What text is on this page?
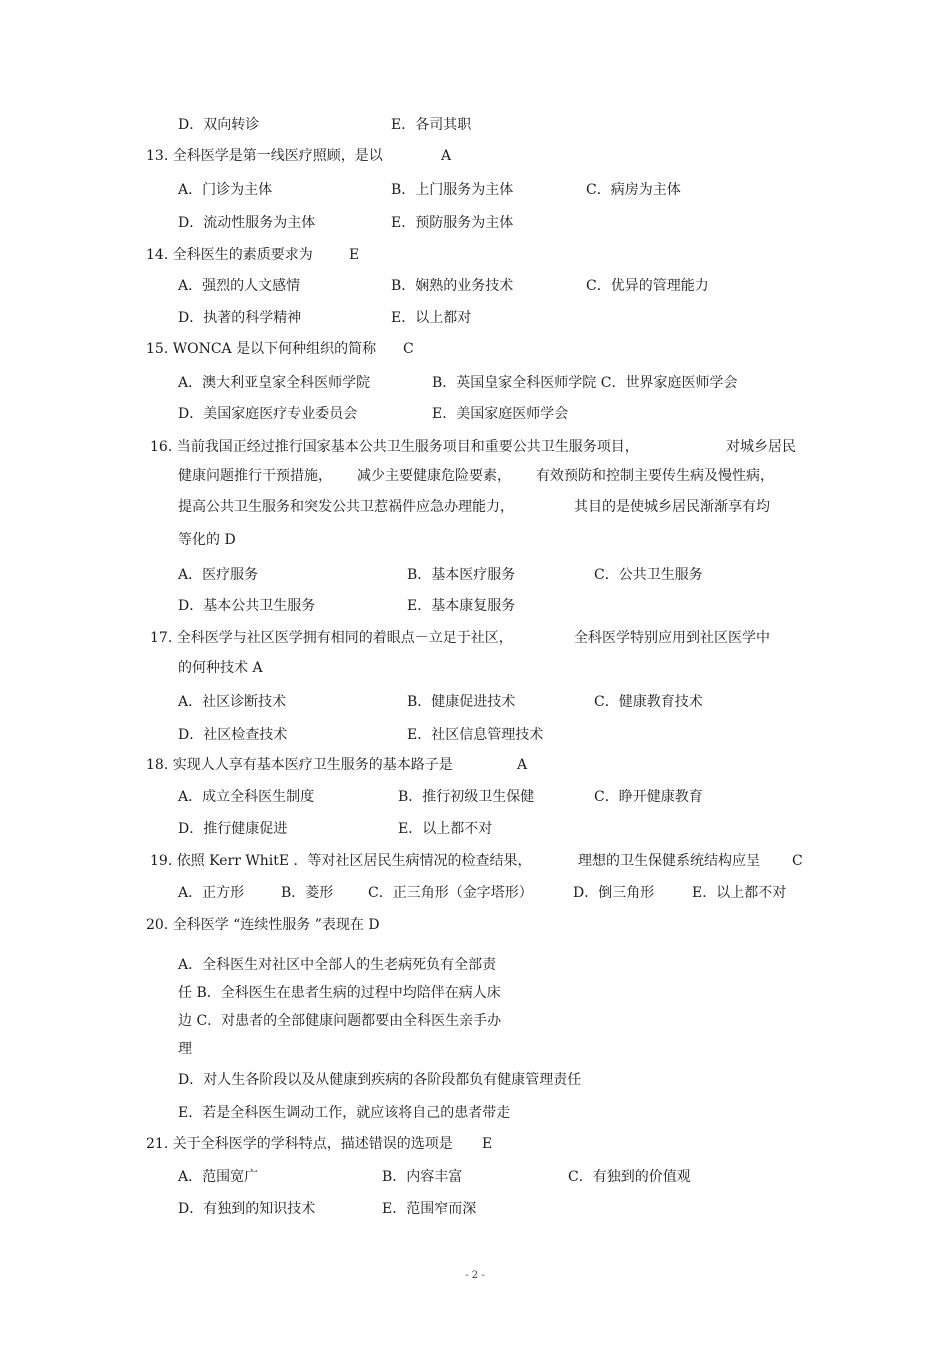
D．双向转诊	E．各司其职
13. 全科医学是第一线医疗照顾，是以	A
A．门诊为主体	B．上门服务为主体	C．病房为主体
D．流动性服务为主体	E．预防服务为主体
14. 全科医生的素质要求为	E
A．强烈的人文感情	B．娴熟的业务技术	C．优异的管理能力
D．执著的科学精神	E．以上都对
15. WONCA 是以下何种组织的简称 C
A．澳大利亚皇家全科医师学院	B．英国皇家全科医师学院 C．世界家庭医师学会
D．美国家庭医疗专业委员会	E．美国家庭医师学会
16. 当前我国正经过推行国家基本公共卫生服务项目和重要公共卫生服务项目，	对城乡居民
健康问题推行干预措施， 减少主要健康危险要素， 有效预防和控制主要传生病及慢性病，
提高公共卫生服务和突发公共卫惹祸件应急办理能力，	其目的是使城乡居民渐渐享有均
等化的 D
A．医疗服务	B．基本医疗服务	C．公共卫生服务
D．基本公共卫生服务	E．基本康复服务
17. 全科医学与社区医学拥有相同的着眼点－立足于社区，	全科医学特别应用到社区医学中
的何种技术 A
A．社区诊断技术	B．健康促进技术	C．健康教育技术
D．社区检查技术	E．社区信息管理技术
18. 实现人人享有基本医疗卫生服务的基本路子是	A
A．成立全科医生制度	B．推行初级卫生保健	C．睁开健康教育
D．推行健康促进	E．以上都不对
19. 依照 Kerr WhitE ．等对社区居民生病情况的检查结果，	理想的卫生保健系统结构应呈 C
A．正方形	B．菱形 C．正三角形（金字塔形）	D．倒三角形	E．以上都不对
20. 全科医学 “连续性服务 ”表现在 D
A．全科医生对社区中全部人的生老病死负有全部责
任 B．全科医生在患者生病的过程中均陪伴在病人床
边 C．对患者的全部健康问题都要由全科医生亲手办
理
D．对人生各阶段以及从健康到疾病的各阶段都负有健康管理责任
E．若是全科医生调动工作，就应该将自己的患者带走
21. 关于全科医学的学科特点，描述错误的选项是 E
A．范围宽广	B．内容丰富	C．有独到的价值观
D．有独到的知识技术	E．范围窄而深
- 2 -
